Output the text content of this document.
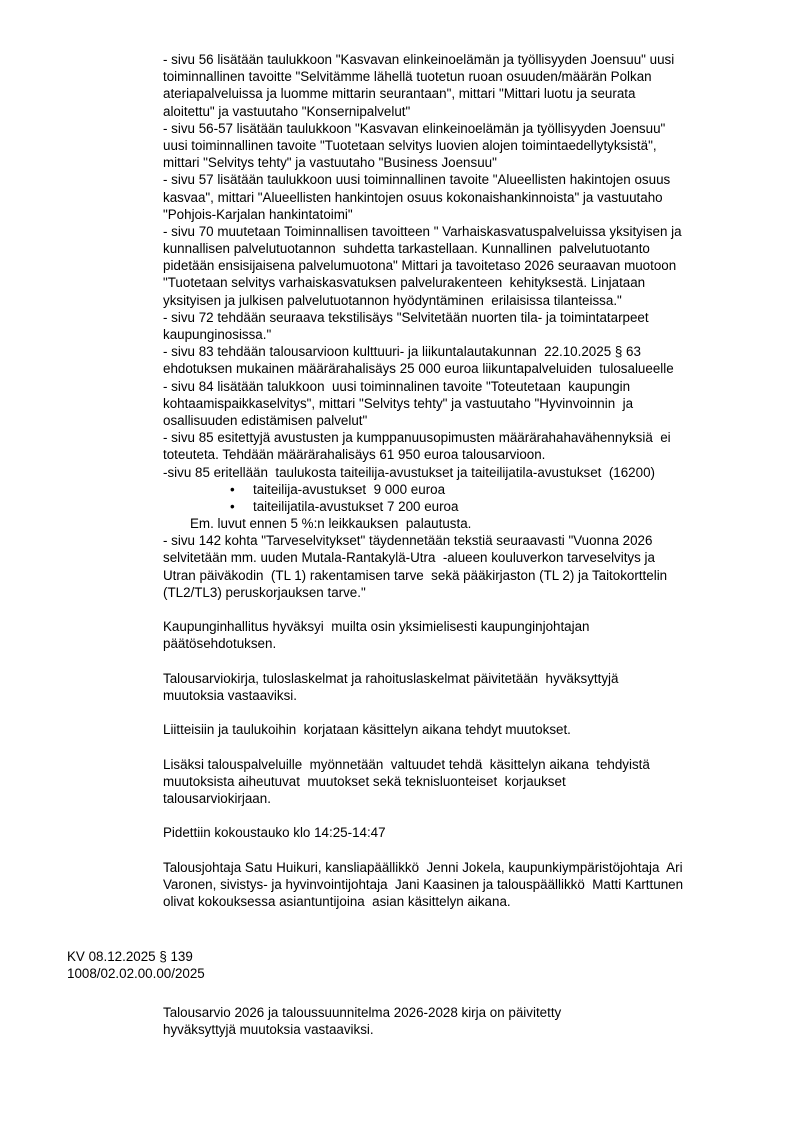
- sivu 56 lisätään taulukkoon "Kasvavan elinkeinoelämän ja työllisyyden Joensuu" uusi
toiminnallinen tavoitte "Selvitämme lähellä tuotetun ruoan osuuden/määrän Polkan
ateriapalveluissa ja luomme mittarin seurantaan", mittari "Mittari luotu ja seurata
aloitettu" ja vastuutaho "Konsernipalvelut"
- sivu 56-57 lisätään taulukkoon "Kasvavan elinkeinoelämän ja työllisyyden Joensuu"
uusi toiminnallinen tavoite "Tuotetaan selvitys luovien alojen toimintaedellytyksistä",
mittari "Selvitys tehty" ja vastuutaho "Business Joensuu"
- sivu 57 lisätään taulukkoon uusi toiminnallinen tavoite "Alueellisten hakintojen osuus
kasvaa", mittari "Alueellisten hankintojen osuus kokonaishankinnoista" ja vastuutaho
"Pohjois-Karjalan hankintatoimi"
- sivu 70 muutetaan Toiminnallisen tavoitteen " Varhaiskasvatuspalveluissa yksityisen ja
kunnallisen palvelutuotannon  suhdetta tarkastellaan. Kunnallinen  palvelutuotanto
pidetään ensisijaisena palvelumuotona" Mittari ja tavoitetaso 2026 seuraavan muotoon
"Tuotetaan selvitys varhaiskasvatuksen palvelurakenteen  kehityksestä. Linjataan
yksityisen ja julkisen palvelutuotannon hyödyntäminen  erilaisissa tilanteissa."
- sivu 72 tehdään seuraava tekstilisäys "Selvitetään nuorten tila- ja toimintatarpeet
kaupunginosissa."
- sivu 83 tehdään talousarvioon kulttuuri- ja liikuntalautakunnan  22.10.2025 § 63
ehdotuksen mukainen määrärahalisäys 25 000 euroa liikuntapalveluiden  tulosalueelle
- sivu 84 lisätään talukkoon  uusi toiminnalinen tavoite "Toteutetaan  kaupungin
kohtaamispaikkaselvitys", mittari "Selvitys tehty" ja vastuutaho "Hyvinvoinnin  ja
osallisuuden edistämisen palvelut"
- sivu 85 esitettyjä avustusten ja kumppanuusopimusten määrärahahavähennyksiä  ei
toteuteta. Tehdään määrärahalisäys 61 950 euroa talousarvioon.
-sivu 85 eritellään  taulukosta taiteilija-avustukset ja taiteilijatila-avustukset  (16200)
• taiteilija-avustukset  9 000 euroa
• taiteilijatila-avustukset 7 200 euroa
Em. luvut ennen 5 %:n leikkauksen  palautusta.
- sivu 142 kohta "Tarveselvitykset" täydennetään tekstiä seuraavasti "Vuonna 2026
selvitetään mm. uuden Mutala-Rantakylä-Utra  -alueen kouluverkon tarveselvitys ja
Utran päiväkodin  (TL 1) rakentamisen tarve  sekä pääkirjaston (TL 2) ja Taitokorttelin
(TL2/TL3) peruskorjauksen tarve."
Kaupunginhallitus hyväksyi  muilta osin yksimielisesti kaupunginjohtajan
päätösehdotuksen.
Talousarviokirja, tuloslaskelmat ja rahoituslaskelmat päivitetään  hyväksyttyjä
muutoksia vastaaviksi.
Liitteisiin ja taulukoihin  korjataan käsittelyn aikana tehdyt muutokset.
Lisäksi talouspalveluille  myönnetään  valtuudet tehdä  käsittelyn aikana  tehdyistä
muutoksista aiheutuvat  muutokset sekä teknisluonteiset  korjaukset
talousarviokirjaan.
Pidettiin kokoustauko klo 14:25-14:47
Talousjohtaja Satu Huikuri, kansliapäällikkö  Jenni Jokela, kaupunkiympäristöjohtaja  Ari
Varonen, sivistys- ja hyvinvointijohtaja  Jani Kaasinen ja talouspäällikkö  Matti Karttunen
olivat kokouksessa asiantuntijoina  asian käsittelyn aikana.
KV 08.12.2025 § 139
1008/02.02.00.00/2025
Talousarvio 2026 ja taloussuunnitelma 2026-2028 kirja on päivitetty
hyväksyttyjä muutoksia vastaaviksi.
